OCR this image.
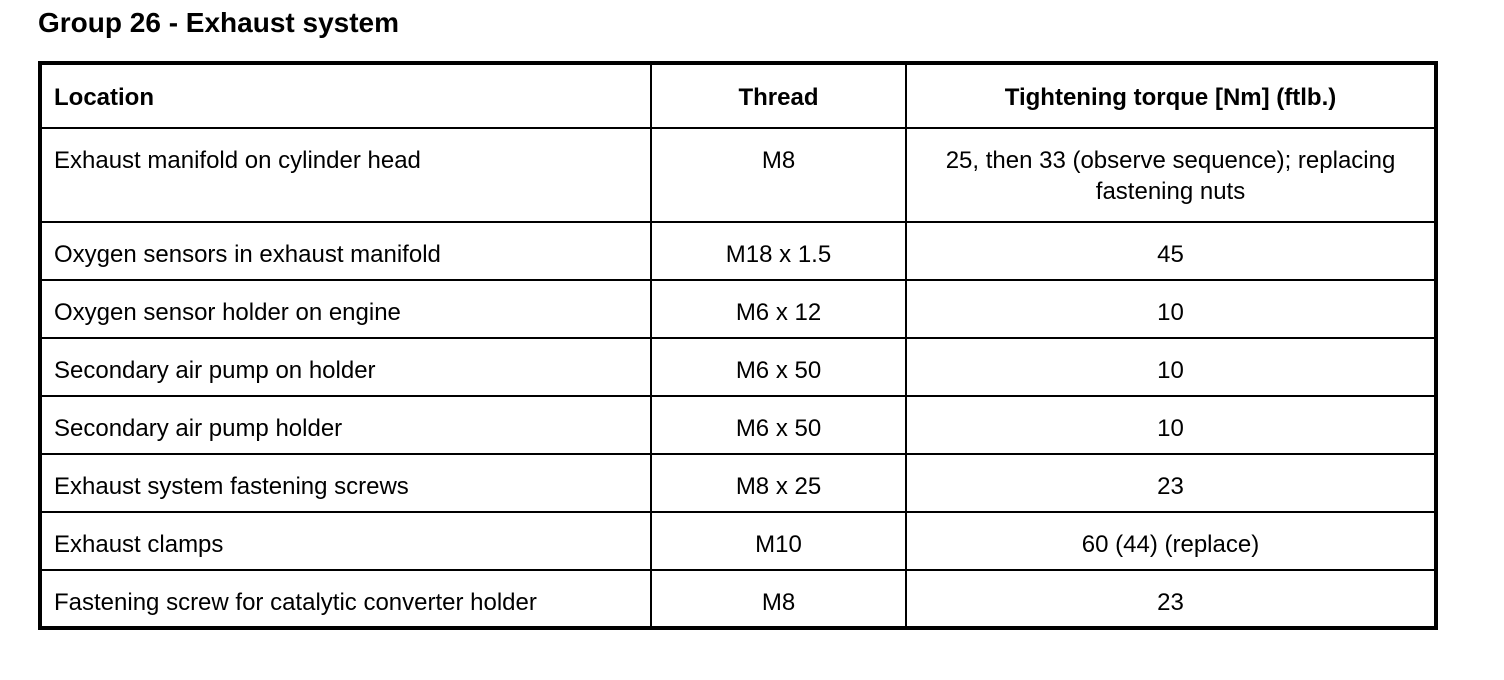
Group 26 - Exhaust system
Location	Thread	Tightening torque [Nm] (ftlb.)
Exhaust manifold on cylinder head	M8	25, then 33 (observe sequence); replacing fastening nuts
Oxygen sensors in exhaust manifold	M18 x 1.5	45
Oxygen sensor holder on engine	M6 x 12	10
Secondary air pump on holder	M6 x 50	10
Secondary air pump holder	M6 x 50	10
Exhaust system fastening screws	M8 x 25	23
Exhaust clamps	M10	60 (44) (replace)
Fastening screw for catalytic converter holder	M8	23
